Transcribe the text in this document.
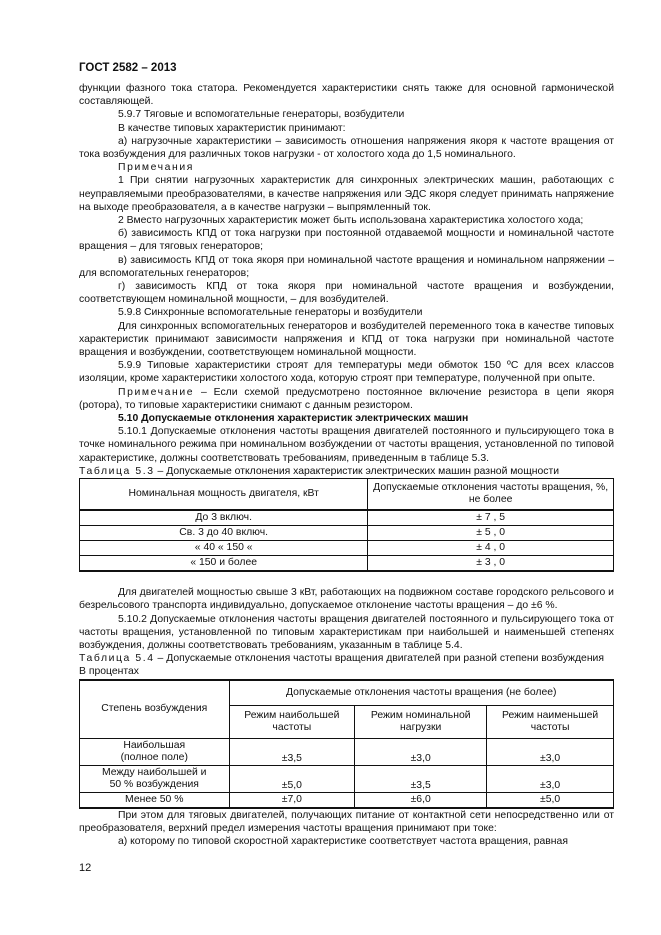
ГОСТ 2582 – 2013

функции фазного тока статора. Рекомендуется характеристики снять также для основной гармонической составляющей.

5.9.7 Тяговые и вспомогательные генераторы, возбудители

В качестве типовых характеристик принимают:

а) нагрузочные характеристики – зависимость отношения напряжения якоря к частоте вращения от тока возбуждения для различных токов нагрузки - от холостого хода до 1,5 номинального.

Примечания

1 При снятии нагрузочных характеристик для синхронных электрических машин, работающих с неуправляемыми преобразователями, в качестве напряжения или ЭДС якоря следует принимать напряжение на выходе преобразователя, а в качестве нагрузки – выпрямленный ток.

2 Вместо нагрузочных характеристик может быть использована характеристика холостого хода;

б) зависимость КПД от тока нагрузки при постоянной отдаваемой мощности и номинальной частоте вращения – для тяговых генераторов;

в) зависимость КПД от тока якоря при номинальной частоте вращения и номинальном напряжении – для вспомогательных генераторов;

г) зависимость КПД от тока якоря при номинальной частоте вращения и возбуждении, соответствующем номинальной мощности, – для возбудителей.

5.9.8 Синхронные вспомогательные генераторы и возбудители

Для синхронных вспомогательных генераторов и возбудителей переменного тока в качестве типовых характеристик принимают зависимости напряжения и КПД от тока нагрузки при номинальной частоте вращения и возбуждении, соответствующем номинальной мощности.

5.9.9 Типовые характеристики строят для температуры меди обмоток 150 ºС для всех классов изоляции, кроме характеристики холостого хода, которую строят при температуре, полученной при опыте.

Примечание – Если схемой предусмотрено постоянное включение резистора в цепи якоря (ротора), то типовые характеристики снимают с данным резистором.

5.10 Допускаемые отклонения характеристик электрических машин

5.10.1 Допускаемые отклонения частоты вращения двигателей постоянного и пульсирующего тока в точке номинального режима при номинальном возбуждении от частоты вращения, установленной по типовой характеристике, должны соответствовать требованиям, приведенным в таблице 5.3.

Таблица 5.3 – Допускаемые отклонения характеристик электрических машин разной мощности

Номинальная мощность двигателя, кВт	Допускаемые отклонения частоты вращения, %, не более
До 3 включ.	± 7 , 5
Св. 3 до 40 включ.	± 5 , 0
« 40 « 150 «	± 4 , 0
« 150 и более	± 3 , 0

Для двигателей мощностью свыше 3 кВт, работающих на подвижном составе городского рельсового и безрельсового транспорта индивидуально, допускаемое отклонение частоты вращения – до ±6 %.

5.10.2 Допускаемые отклонения частоты вращения двигателей постоянного и пульсирующего тока от частоты вращения, установленной по типовым характеристикам при наибольшей и наименьшей степенях возбуждения, должны соответствовать требованиям, указанным в таблице 5.4.

Таблица 5.4 – Допускаемые отклонения частоты вращения двигателей при разной степени возбуждения

В процентах

Степень возбуждения	Допускаемые отклонения частоты вращения (не более)		
	Режим наибольшей частоты	Режим номинальной нагрузки	Режим наименьшей частоты

Наибольшая
(полное поле)	±3,5	±3,0	±3,0

Между наибольшей и
50 % возбуждения	±5,0	±3,5	±3,0
Менее 50 %	±7,0	±6,0	±5,0

При этом для тяговых двигателей, получающих питание от контактной сети непосредственно или от преобразователя, верхний предел измерения частоты вращения принимают при токе:

а) которому по типовой скоростной характеристике соответствует частота вращения, равная

12
